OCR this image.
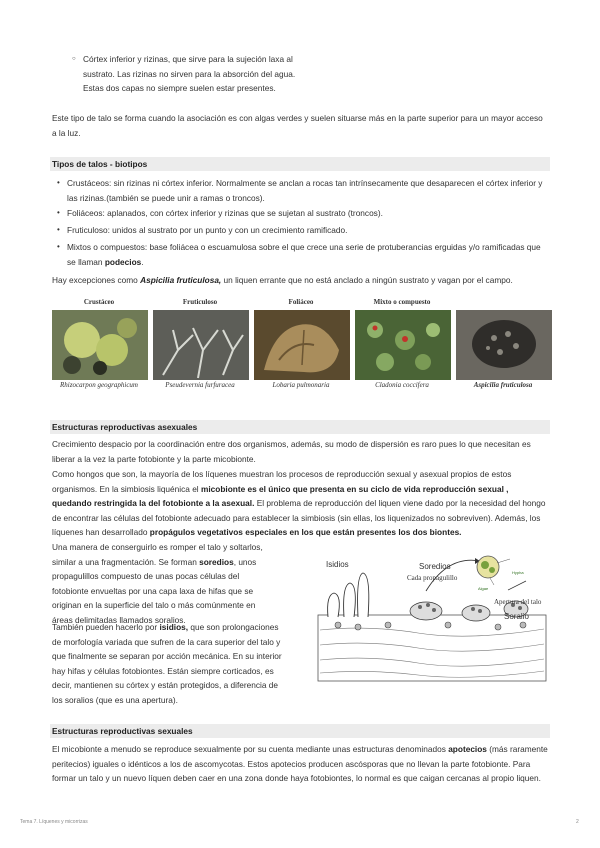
○ Córtex inferior y rizinas, que sirve para la sujeción laxa al sustrato. Las rizinas no sirven para la absorción del agua. Estas dos capas no siempre suelen estar presentes.

Este tipo de talo se forma cuando la asociación es con algas verdes y suelen situarse más en la parte superior para un mayor acceso a la luz.

Tipos de talos - biotipos
• Crustáceos: sin rizinas ni córtex inferior. Normalmente se anclan a rocas tan intrínsecamente que desaparecen el córtex inferior y las rizinas.(también se puede unir a ramas o troncos).
• Foliáceos: aplanados, con córtex inferior y rizinas que se sujetan al sustrato (troncos).
• Fruticuloso: unidos al sustrato por un punto y con un crecimiento ramificado.
• Mixtos o compuestos: base foliácea o escuamulosa sobre el que crece una serie de protuberancias erguidas y/o ramificadas que se llaman podecios.

Hay excepciones como Aspicilia fruticulosa, un liquen errante que no está anclado a ningún sustrato y vagan por el campo.

Crustáceo	Fruticuloso	Foliáceo	Mixto o compuesto
Rhizocarpon geographicum	Pseudevernia furfuracea	Lobaria pulmonaria	Cladonia coccifera	Aspicilia fruticulosa
Estructuras reproductivas asexuales

Crecimiento despacio por la coordinación entre dos organismos, además, su modo de dispersión es raro pues lo que necesitan es liberar a la vez la parte fotobionte y la parte micobionte.

Como hongos que son, la mayoría de los líquenes muestran los procesos de reproducción sexual y asexual propios de estos organismos. En la simbiosis liquénica el micobionte es el único que presenta en su ciclo de vida reproducción sexual , quedando restringida la del fotobionte a la asexual. El problema de reproducción del liquen viene dado por la necesidad del hongo de encontrar las células del fotobionte adecuado para establecer la simbiosis (sin ellas, los liquenizados no sobreviven). Además, los líquenes han desarrollado propágulos vegetativos especiales en los que están presentes los dos biontes.

Una manera de conserguirlo es romper el talo y soltarlos, similar a una fragmentación. Se forman soredios, unos propagulillos compuesto de unas pocas células del fotobionte envueltas por una capa laxa de hifas que se originan en la superficie del talo o más comúnmente en áreas delimitadas llamados soralios.

También pueden hacerlo por isidios, que son prolongaciones de morfología variada que sufren de la cara superior del talo y que finalmente se separan por acción mecánica. En su interior hay hifas y células fotobiontes. Están siempre corticados, es decir, mantienen su córtex y están protegidos, a diferencia de los soralios (que es una apertura).

Isidios	Soredios
Cada propagulillo
Hypha
Algae
Apertura del talo
Soralio
Estructuras reproductivas sexuales

El micobionte a menudo se reproduce sexualmente por su cuenta mediante unas estructuras denominados apotecios (más raramente peritecios) iguales o idénticos a los de ascomycotas. Estos apotecios producen ascósporas que no llevan la parte fotobionte. Para formar un talo y un nuevo líquen deben caer en una zona donde haya fotobiontes, lo normal es que caigan cercanas al propio liquen.

Tema 7. Líquenes y micorrizas	2
